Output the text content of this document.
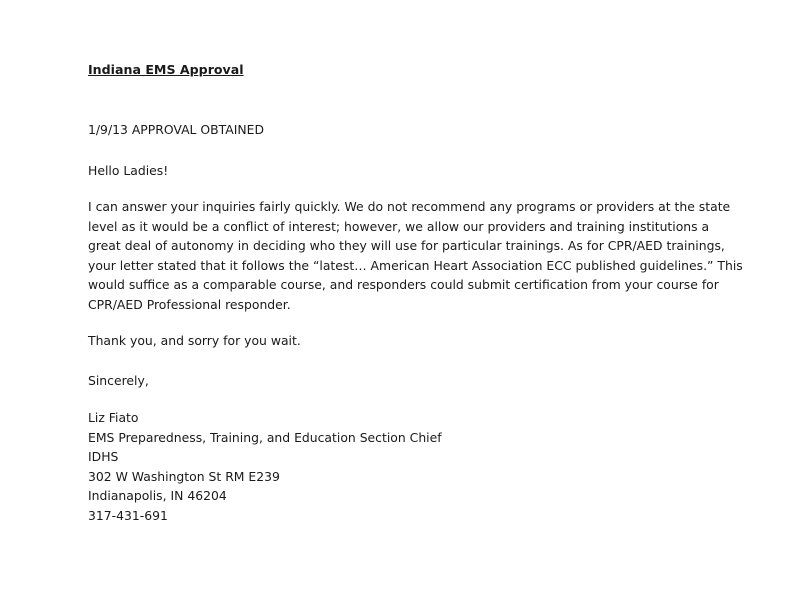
Indiana EMS Approval
1/9/13 APPROVAL OBTAINED
Hello Ladies!
I can answer your inquiries fairly quickly. We do not recommend any programs or providers at the state
level as it would be a conflict of interest; however, we allow our providers and training institutions a
great deal of autonomy in deciding who they will use for particular trainings. As for CPR/AED trainings,
your letter stated that it follows the “latest… American Heart Association ECC published guidelines.” This
would suffice as a comparable course, and responders could submit certification from your course for
CPR/AED Professional responder.
Thank you, and sorry for you wait.
Sincerely,
Liz Fiato
EMS Preparedness, Training, and Education Section Chief
IDHS
302 W Washington St RM E239
Indianapolis, IN 46204
317-431-691
